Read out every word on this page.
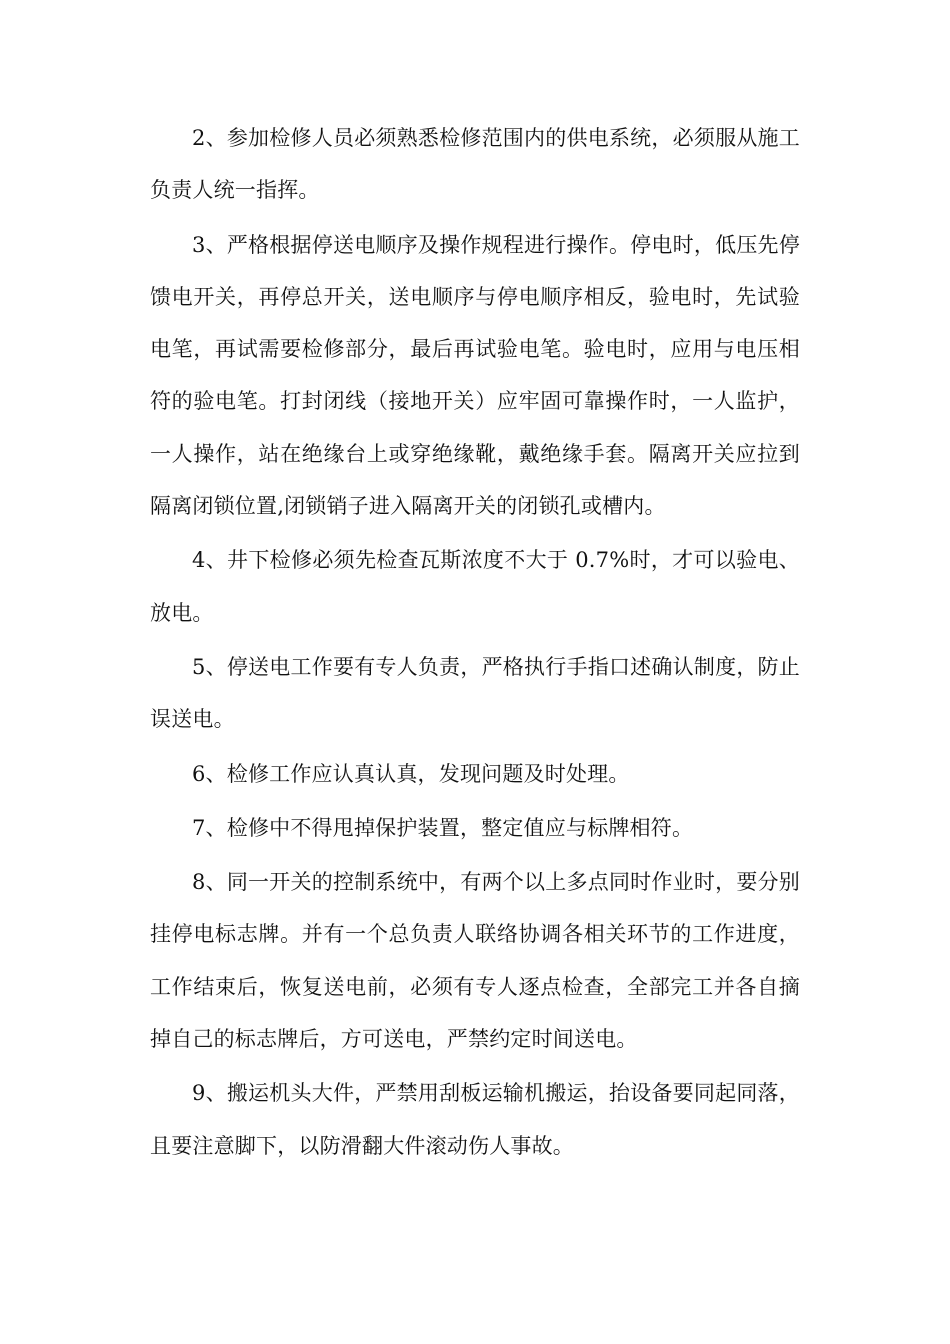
2、参加检修人员必须熟悉检修范围内的供电系统，必须服从施工负责人统一指挥。

3、严格根据停送电顺序及操作规程进行操作。停电时，低压先停馈电开关，再停总开关，送电顺序与停电顺序相反，验电时，先试验电笔，再试需要检修部分，最后再试验电笔。验电时，应用与电压相符的验电笔。打封闭线（接地开关）应牢固可靠操作时，一人监护，一人操作，站在绝缘台上或穿绝缘靴，戴绝缘手套。隔离开关应拉到隔离闭锁位置,闭锁销子进入隔离开关的闭锁孔或槽内。

4、井下检修必须先检查瓦斯浓度不大于 0.7%时，才可以验电、放电。

5、停送电工作要有专人负责，严格执行手指口述确认制度，防止误送电。

6、检修工作应认真认真，发现问题及时处理。

7、检修中不得甩掉保护装置，整定值应与标牌相符。

8、同一开关的控制系统中，有两个以上多点同时作业时，要分别挂停电标志牌。并有一个总负责人联络协调各相关环节的工作进度，工作结束后，恢复送电前，必须有专人逐点检查，全部完工并各自摘掉自己的标志牌后，方可送电，严禁约定时间送电。

9、搬运机头大件，严禁用刮板运输机搬运，抬设备要同起同落，且要注意脚下，以防滑翻大件滚动伤人事故。
